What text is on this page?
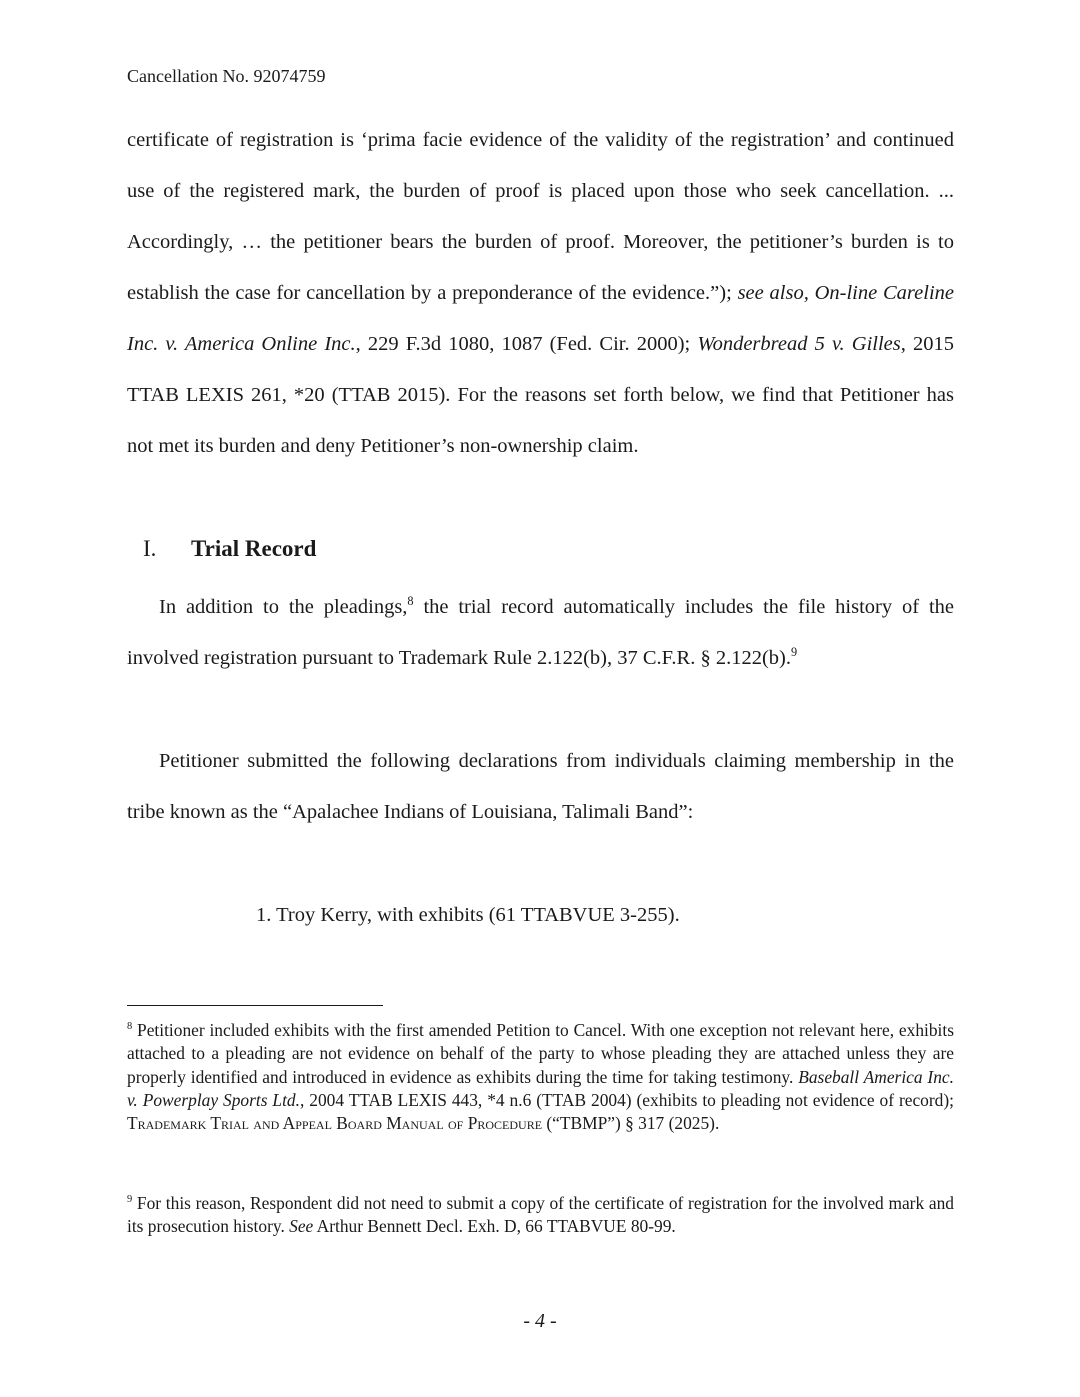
Cancellation No. 92074759

certificate of registration is ‘prima facie evidence of the validity of the registration’ and continued use of the registered mark, the burden of proof is placed upon those who seek cancellation. ... Accordingly, … the petitioner bears the burden of proof. Moreover, the petitioner’s burden is to establish the case for cancellation by a preponderance of the evidence.”); see also, On-line Careline Inc. v. America Online Inc., 229 F.3d 1080, 1087 (Fed. Cir. 2000); Wonderbread 5 v. Gilles, 2015 TTAB LEXIS 261, *20 (TTAB 2015). For the reasons set forth below, we find that Petitioner has not met its burden and deny Petitioner’s non-ownership claim.

I. Trial Record

In addition to the pleadings,$^8$ the trial record automatically includes the file history of the involved registration pursuant to Trademark Rule 2.122(b), 37 C.F.R. § 2.122(b).$^9$

Petitioner submitted the following declarations from individuals claiming membership in the tribe known as the “Apalachee Indians of Louisiana, Talimali Band”:

1. Troy Kerry, with exhibits (61 TTABVUE 3-255).

$^8$ Petitioner included exhibits with the first amended Petition to Cancel. With one exception not relevant here, exhibits attached to a pleading are not evidence on behalf of the party to whose pleading they are attached unless they are properly identified and introduced in evidence as exhibits during the time for taking testimony. Baseball America Inc. v. Powerplay Sports Ltd., 2004 TTAB LEXIS 443, *4 n.6 (TTAB 2004) (exhibits to pleading not evidence of record); Trademark Trial and Appeal Board Manual of Procedure (“TBMP”) § 317 (2025).

$^9$ For this reason, Respondent did not need to submit a copy of the certificate of registration for the involved mark and its prosecution history. See Arthur Bennett Decl. Exh. D, 66 TTABVUE 80-99.

- 4 -
